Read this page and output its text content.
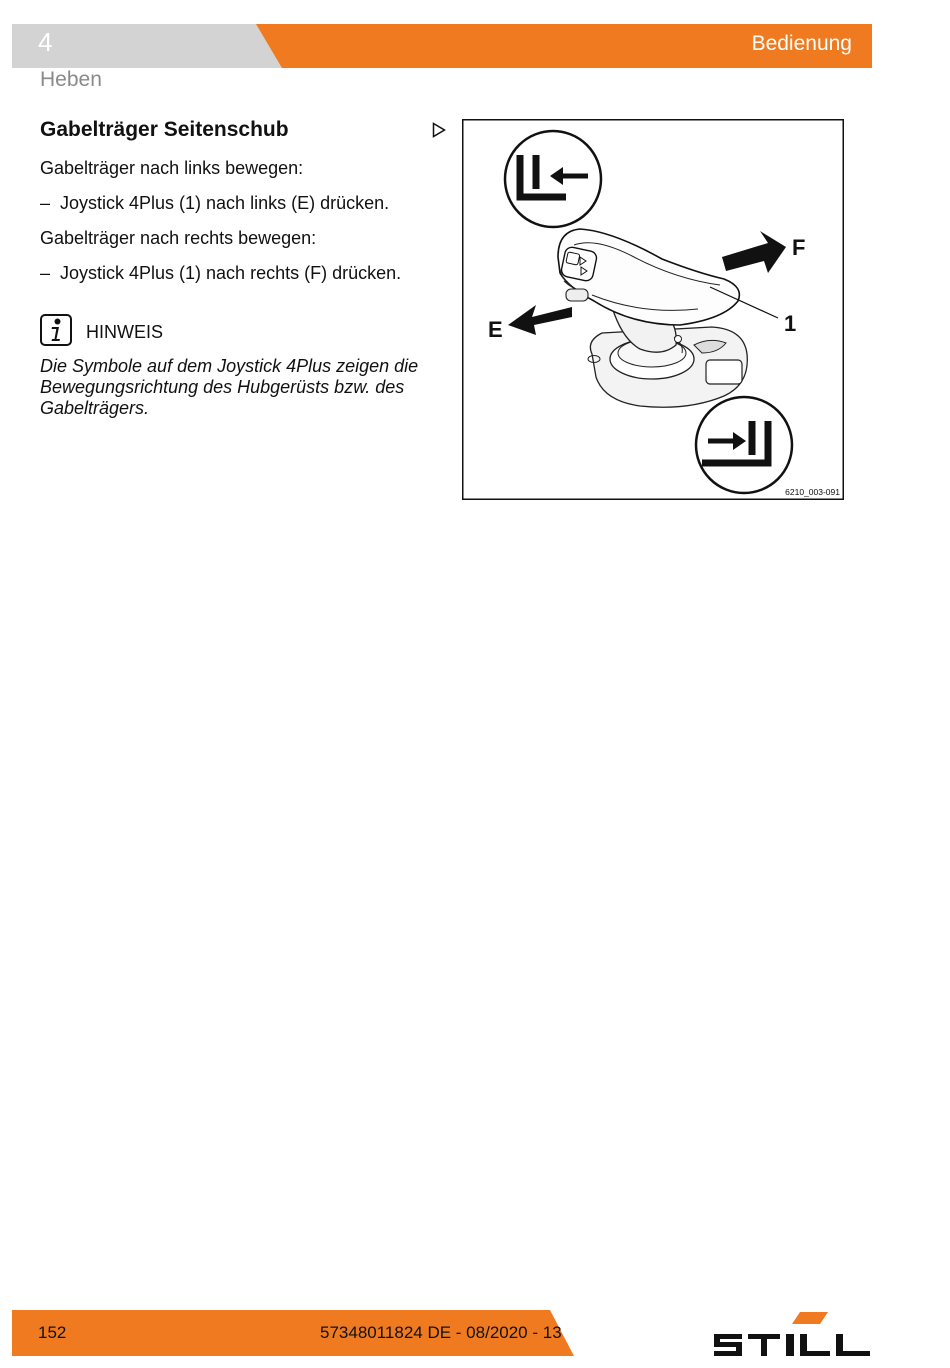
4	Bedienung
Heben
Gabelträger Seitenschub

Gabelträger nach links bewegen:

– Joystick 4Plus (1) nach links (E) drücken.

Gabelträger nach rechts bewegen:

– Joystick 4Plus (1) nach rechts (F) drücken.
HINWEIS
Die Symbole auf dem Joystick 4Plus zeigen die Bewegungsrichtung des Hubgerüsts bzw. des Gabelträgers.
F
E	1
6210_003-091
152	57348011824 DE - 08/2020 - 13
